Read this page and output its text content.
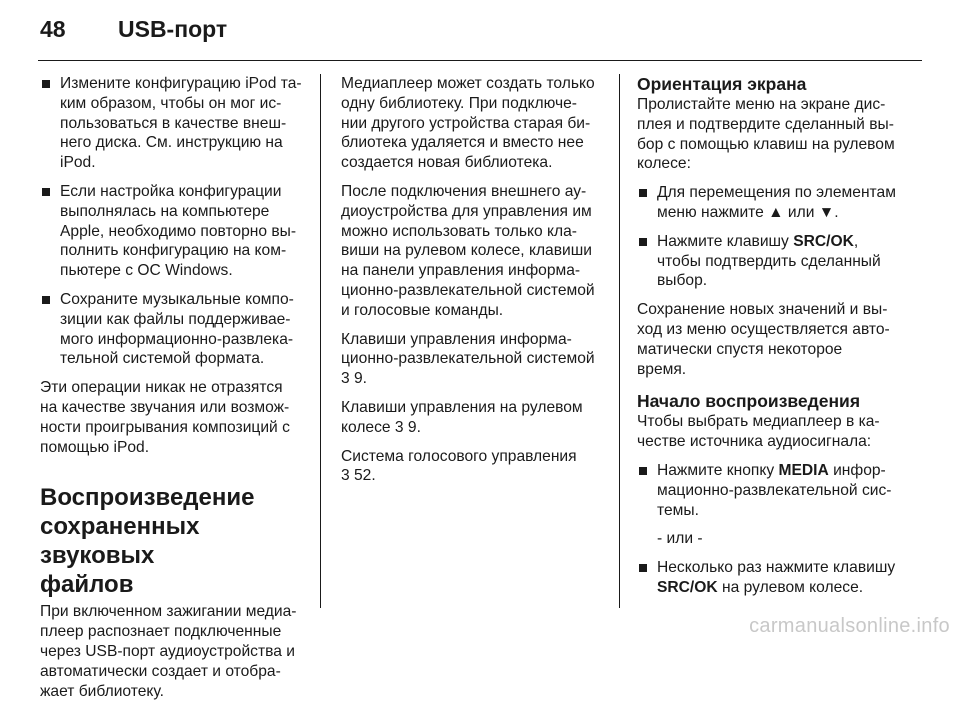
48 USB-порт
Измените конфигурацию iPod та-
ким образом, чтобы он мог ис-
пользоваться в качестве внеш-
него диска. См. инструкцию на
iPod.
Если настройка конфигурации
выполнялась на компьютере
Apple, необходимо повторно вы-
полнить конфигурацию на ком-
пьютере с ОС Windows.
Сохраните музыкальные компо-
зиции как файлы поддерживае-
мого информационно-развлека-
тельной системой формата.

Эти операции никак не отразятся
на качестве звучания или возмож-
ности проигрывания композиций с
помощью iPod.

Воспроизведение
сохраненных звуковых
файлов

При включенном зажигании медиа-
плеер распознает подключенные
через USB-порт аудиоустройства и
автоматически создает и отобра-
жает библиотеку.

Медиаплеер может создать только
одну библиотеку. При подключе-
нии другого устройства старая би-
блиотека удаляется и вместо нее
создается новая библиотека.

После подключения внешнего ау-
диоустройства для управления им
можно использовать только кла-
виши на рулевом колесе, клавиши
на панели управления информа-
ционно-развлекательной системой
и голосовые команды.

Клавиши управления информа-
ционно-развлекательной системой
3 9.

Клавиши управления на рулевом
колесе 3 9.

Система голосового управления
3 52.

Ориентация экрана

Пролистайте меню на экране дис-
плея и подтвердите сделанный вы-
бор с помощью клавиш на рулевом
колесе:

Для перемещения по элементам
меню нажмите ▲ или ▼.
Нажмите клавишу SRC/OK,
чтобы подтвердить сделанный
выбор.

Сохранение новых значений и вы-
ход из меню осуществляется авто-
матически спустя некоторое
время.

Начало воспроизведения

Чтобы выбрать медиаплеер в ка-
честве источника аудиосигнала:

Нажмите кнопку MEDIA инфор-
мационно-развлекательной сис-
темы.
- или -
Несколько раз нажмите клавишу
SRC/OK на рулевом колесе.
carmanualsonline.info
